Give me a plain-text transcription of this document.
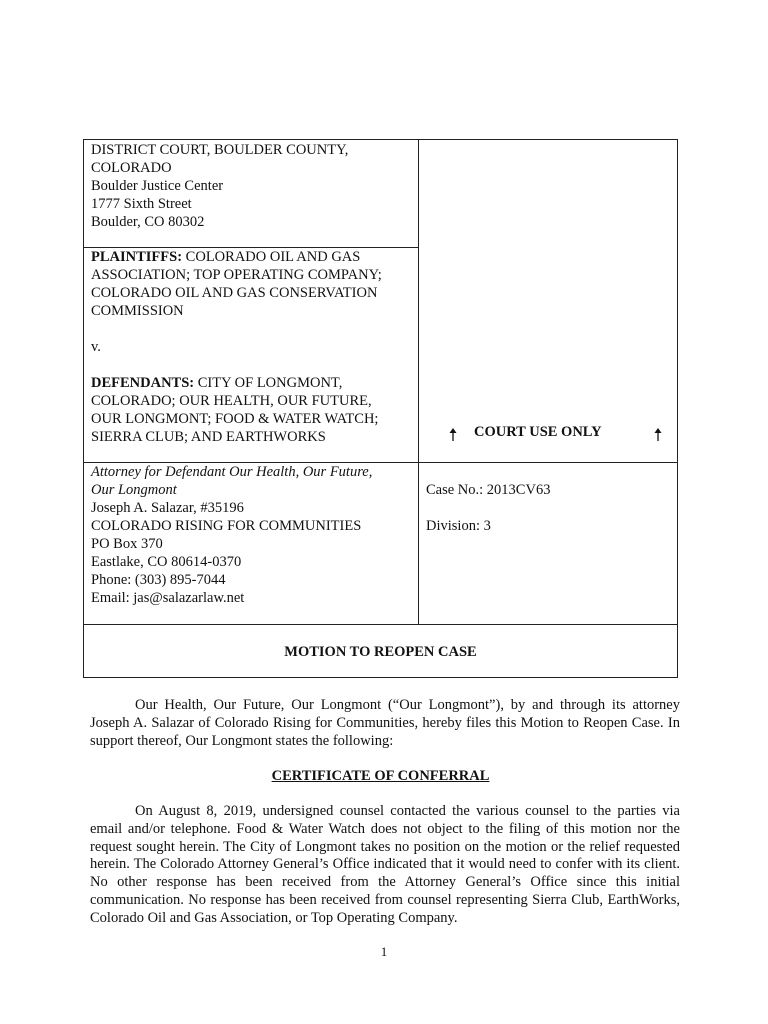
DISTRICT COURT, BOULDER COUNTY,
COLORADO
Boulder Justice Center
1777 Sixth Street
Boulder, CO 80302
PLAINTIFFS: COLORADO OIL AND GAS
ASSOCIATION; TOP OPERATING COMPANY;
COLORADO OIL AND GAS CONSERVATION
COMMISSION
v.
DEFENDANTS: CITY OF LONGMONT,
COLORADO; OUR HEALTH, OUR FUTURE,
OUR LONGMONT; FOOD & WATER WATCH;
SIERRA CLUB; AND EARTHWORKS	COURT USE ONLY
Attorney for Defendant Our Health, Our Future,
Our Longmont
Joseph A. Salazar, #35196
COLORADO RISING FOR COMMUNITIES
PO Box 370
Eastlake, CO 80614-0370
Phone: (303) 895-7044
Email: jas@salazarlaw.net
Case No.: 2013CV63
Division: 3
MOTION TO REOPEN CASE

Our Health, Our Future, Our Longmont (“Our Longmont”), by and through its attorney Joseph A. Salazar of Colorado Rising for Communities, hereby files this Motion to Reopen Case. In support thereof, Our Longmont states the following:

CERTIFICATE OF CONFERRAL

On August 8, 2019, undersigned counsel contacted the various counsel to the parties via email and/or telephone. Food & Water Watch does not object to the filing of this motion nor the request sought herein. The City of Longmont takes no position on the motion or the relief requested herein. The Colorado Attorney General’s Office indicated that it would need to confer with its client. No other response has been received from the Attorney General’s Office since this initial communication. No response has been received from counsel representing Sierra Club, EarthWorks, Colorado Oil and Gas Association, or Top Operating Company.

1
